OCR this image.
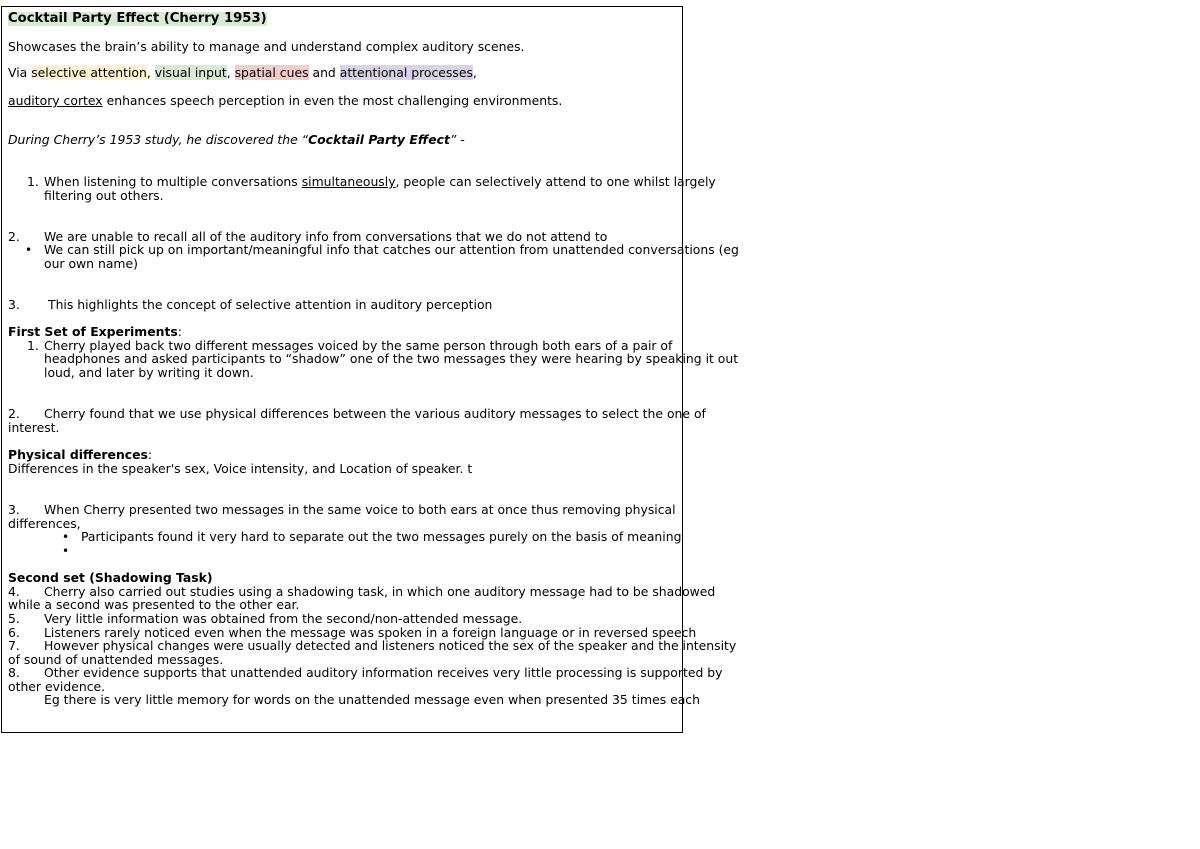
Cocktail Party Effect (Cherry 1953)
Showcases the brain’s ability to manage and understand complex auditory scenes.
Via selective attention, visual input, spatial cues and attentional processes,
auditory cortex enhances speech perception in even the most challenging environments.
During Cherry’s 1953 study, he discovered the “Cocktail Party Effect” -
1. When listening to multiple conversations simultaneously, people can selectively attend to one whilst largely
filtering out others.
2. We are unable to recall all of the auditory info from conversations that we do not attend to
• We can still pick up on important/meaningful info that catches our attention from unattended conversations (eg
our own name)
3. This highlights the concept of selective attention in auditory perception
First Set of Experiments:
1. Cherry played back two different messages voiced by the same person through both ears of a pair of
headphones and asked participants to “shadow” one of the two messages they were hearing by speaking it out
loud, and later by writing it down.
2. Cherry found that we use physical differences between the various auditory messages to select the one of
interest.
Physical differences:
Differences in the speaker's sex, Voice intensity, and Location of speaker. t
3. When Cherry presented two messages in the same voice to both ears at once thus removing physical
differences,
• Participants found it very hard to separate out the two messages purely on the basis of meaning
•
Second set (Shadowing Task)
4. Cherry also carried out studies using a shadowing task, in which one auditory message had to be shadowed
while a second was presented to the other ear.
5. Very little information was obtained from the second/non-attended message.
6. Listeners rarely noticed even when the message was spoken in a foreign language or in reversed speech
7. However physical changes were usually detected and listeners noticed the sex of the speaker and the intensity
of sound of unattended messages.
8. Other evidence supports that unattended auditory information receives very little processing is supported by
other evidence.
Eg there is very little memory for words on the unattended message even when presented 35 times each
